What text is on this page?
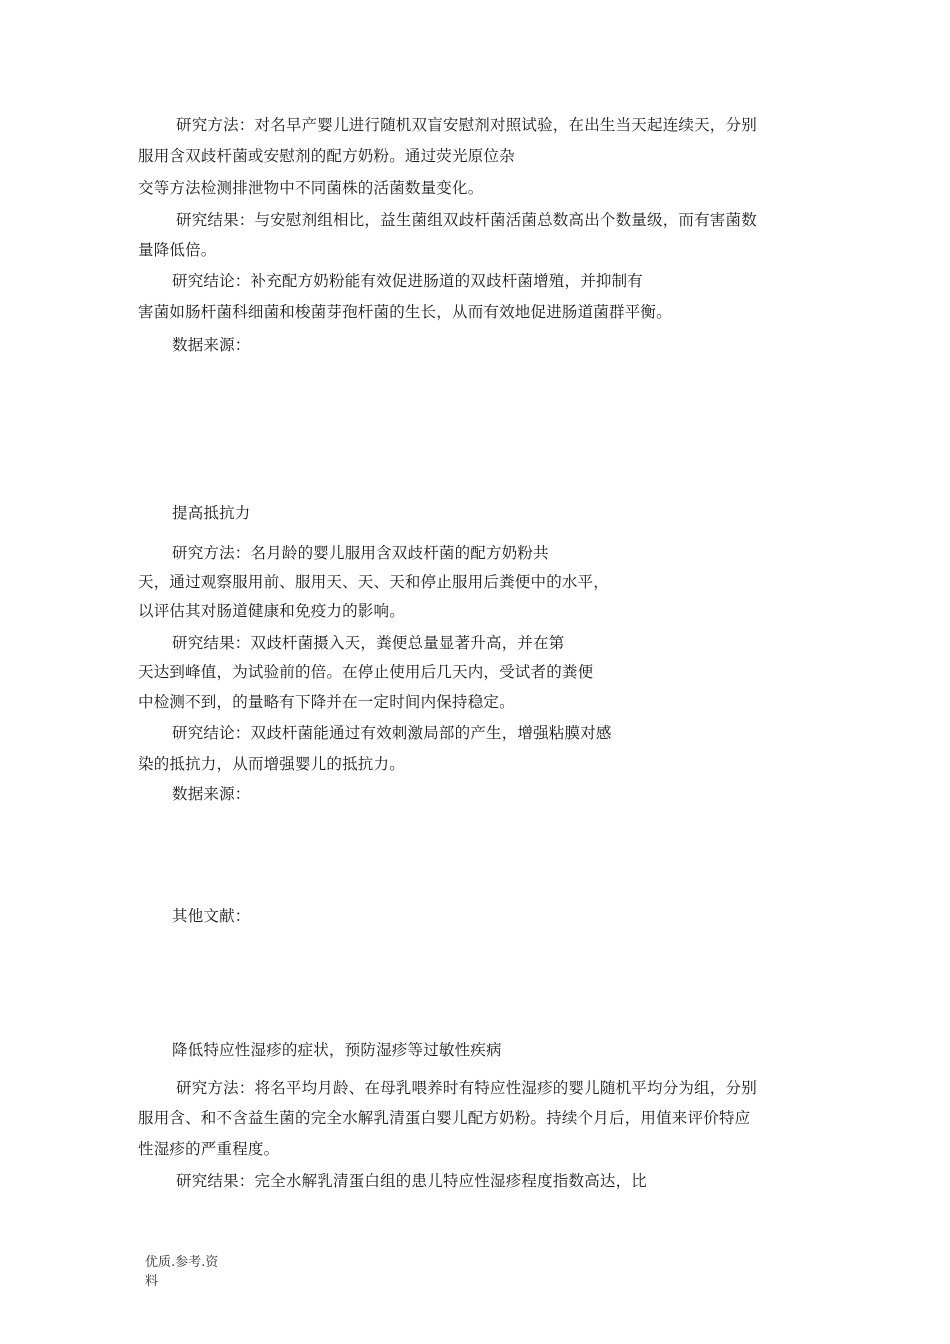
研究方法：对名早产婴儿进行随机双盲安慰剂对照试验，在出生当天起连续天，分别
服用含双歧杆菌或安慰剂的配方奶粉。通过荧光原位杂
交等方法检测排泄物中不同菌株的活菌数量变化。
研究结果：与安慰剂组相比，益生菌组双歧杆菌活菌总数高出个数量级，而有害菌数
量降低倍。
研究结论：补充配方奶粉能有效促进肠道的双歧杆菌增殖，并抑制有
害菌如肠杆菌科细菌和梭菌芽孢杆菌的生长，从而有效地促进肠道菌群平衡。
数据来源：
提高抵抗力
研究方法：名月龄的婴儿服用含双歧杆菌的配方奶粉共
天，通过观察服用前、服用天、天、天和停止服用后粪便中的水平，
以评估其对肠道健康和免疫力的影响。
研究结果：双歧杆菌摄入天，粪便总量显著升高，并在第
天达到峰值，为试验前的倍。在停止使用后几天内，受试者的粪便
中检测不到，的量略有下降并在一定时间内保持稳定。
研究结论：双歧杆菌能通过有效刺激局部的产生，增强粘膜对感
染的抵抗力，从而增强婴儿的抵抗力。
数据来源：
其他文献：
降低特应性湿疹的症状，预防湿疹等过敏性疾病
研究方法：将名平均月龄、在母乳喂养时有特应性湿疹的婴儿随机平均分为组，分别
服用含、和不含益生菌的完全水解乳清蛋白婴儿配方奶粉。持续个月后，用值来评价特应
性湿疹的严重程度。
研究结果：完全水解乳清蛋白组的患儿特应性湿疹程度指数高达，比
优质.参考.资
料
